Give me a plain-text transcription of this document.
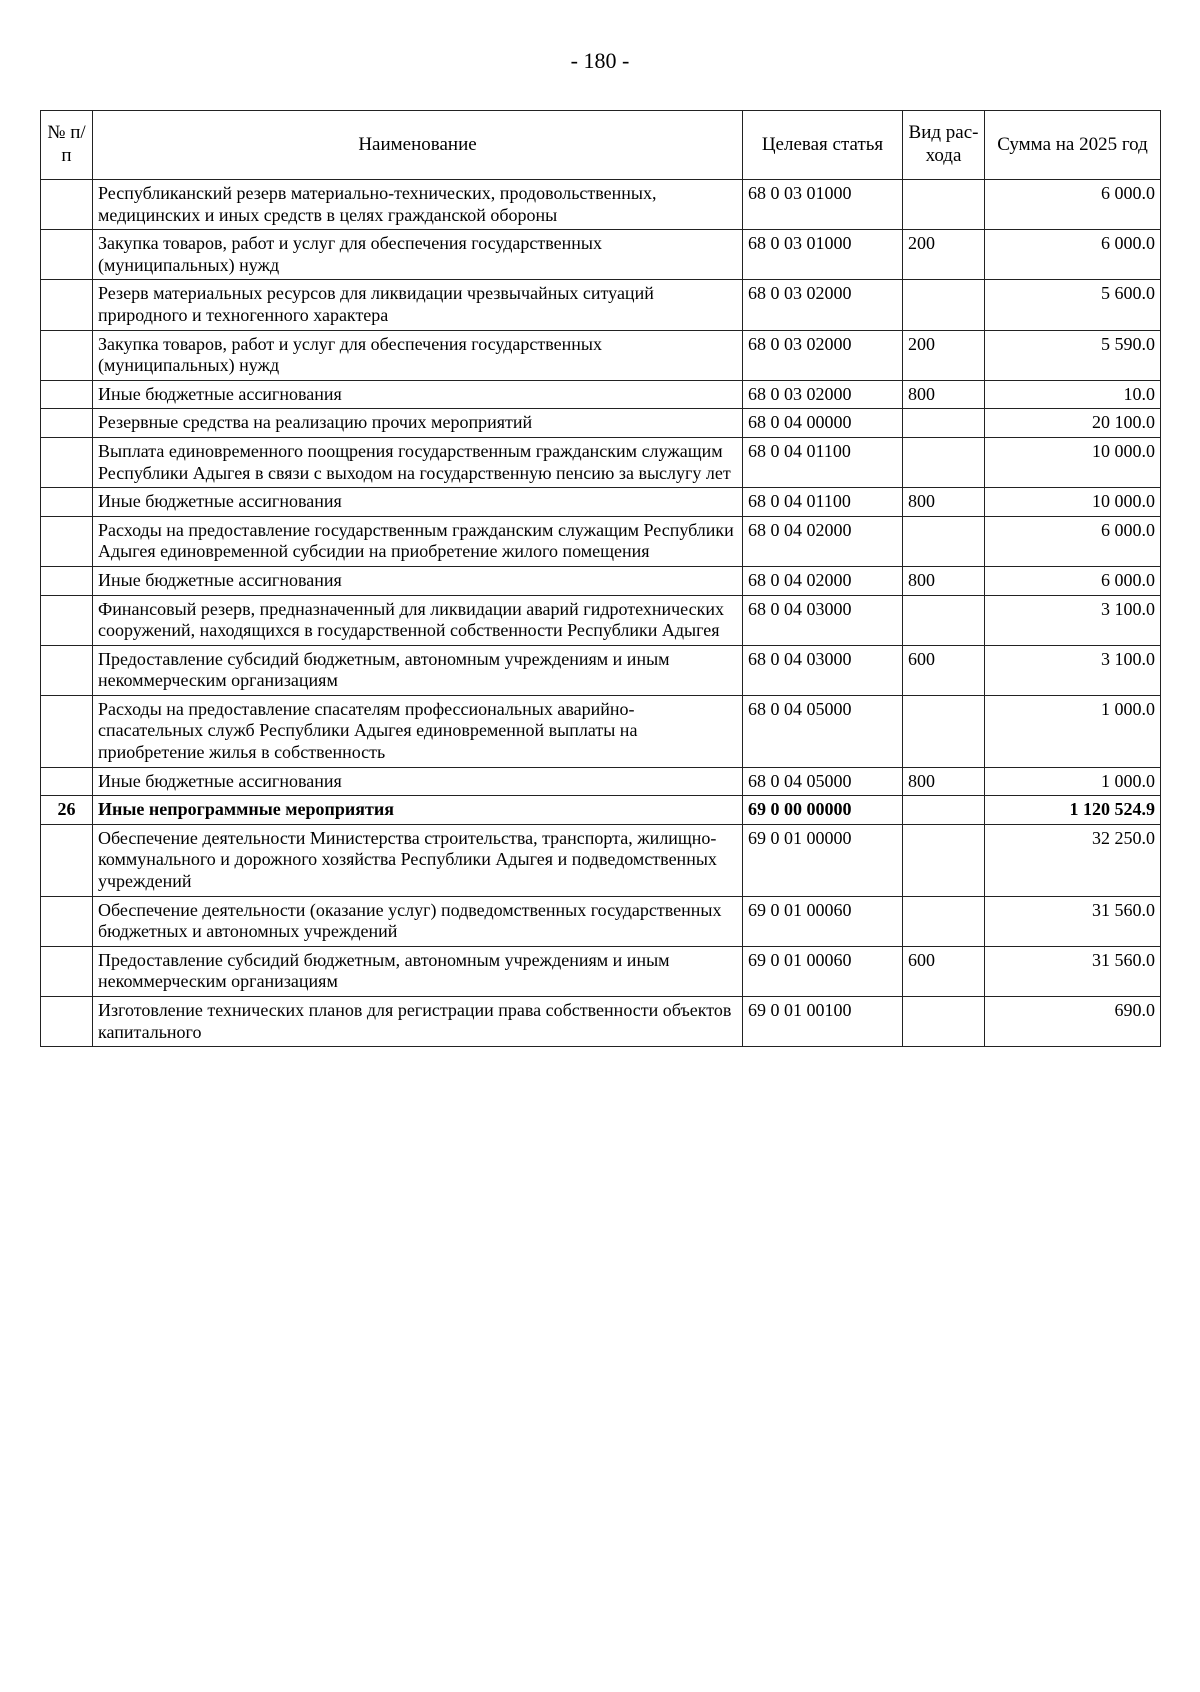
- 180 -
№ п/п	Наименование	Целевая статья	Вид рас-хода	Сумма на 2025 год
	Республиканский резерв материально-технических, продовольственных, медицинских и иных средств в целях гражданской обороны	68 0 03 01000		6 000.0
	Закупка товаров, работ и услуг для обеспечения государственных (муниципальных) нужд	68 0 03 01000	200	6 000.0
	Резерв материальных ресурсов для ликвидации чрезвычайных ситуаций природного и техногенного характера	68 0 03 02000		5 600.0
	Закупка товаров, работ и услуг для обеспечения государственных (муниципальных) нужд	68 0 03 02000	200	5 590.0
	Иные бюджетные ассигнования	68 0 03 02000	800	10.0
	Резервные средства на реализацию прочих мероприятий	68 0 04 00000		20 100.0
	Выплата единовременного поощрения государственным гражданским служащим Республики Адыгея в связи с выходом на государственную пенсию за выслугу лет	68 0 04 01100		10 000.0
	Иные бюджетные ассигнования	68 0 04 01100	800	10 000.0
	Расходы на предоставление государственным гражданским служащим Республики Адыгея единовременной субсидии на приобретение жилого помещения	68 0 04 02000		6 000.0
	Иные бюджетные ассигнования	68 0 04 02000	800	6 000.0
	Финансовый резерв, предназначенный для ликвидации аварий гидротехнических сооружений, находящихся в государственной собственности Республики Адыгея	68 0 04 03000		3 100.0
	Предоставление субсидий бюджетным, автономным учреждениям и иным некоммерческим организациям	68 0 04 03000	600	3 100.0
	Расходы на предоставление спасателям профессиональных аварийно-спасательных служб Республики Адыгея единовременной выплаты на приобретение жилья в собственность	68 0 04 05000		1 000.0
	Иные бюджетные ассигнования	68 0 04 05000	800	1 000.0
26	Иные непрограммные мероприятия	69 0 00 00000		1 120 524.9
	Обеспечение деятельности Министерства строительства, транспорта, жилищно-коммунального и дорожного хозяйства Республики Адыгея и подведомственных учреждений	69 0 01 00000		32 250.0
	Обеспечение деятельности (оказание услуг) подведомственных государственных бюджетных и автономных учреждений	69 0 01 00060		31 560.0
	Предоставление субсидий бюджетным, автономным учреждениям и иным некоммерческим организациям	69 0 01 00060	600	31 560.0
	Изготовление технических планов для регистрации права собственности объектов капитального	69 0 01 00100		690.0
